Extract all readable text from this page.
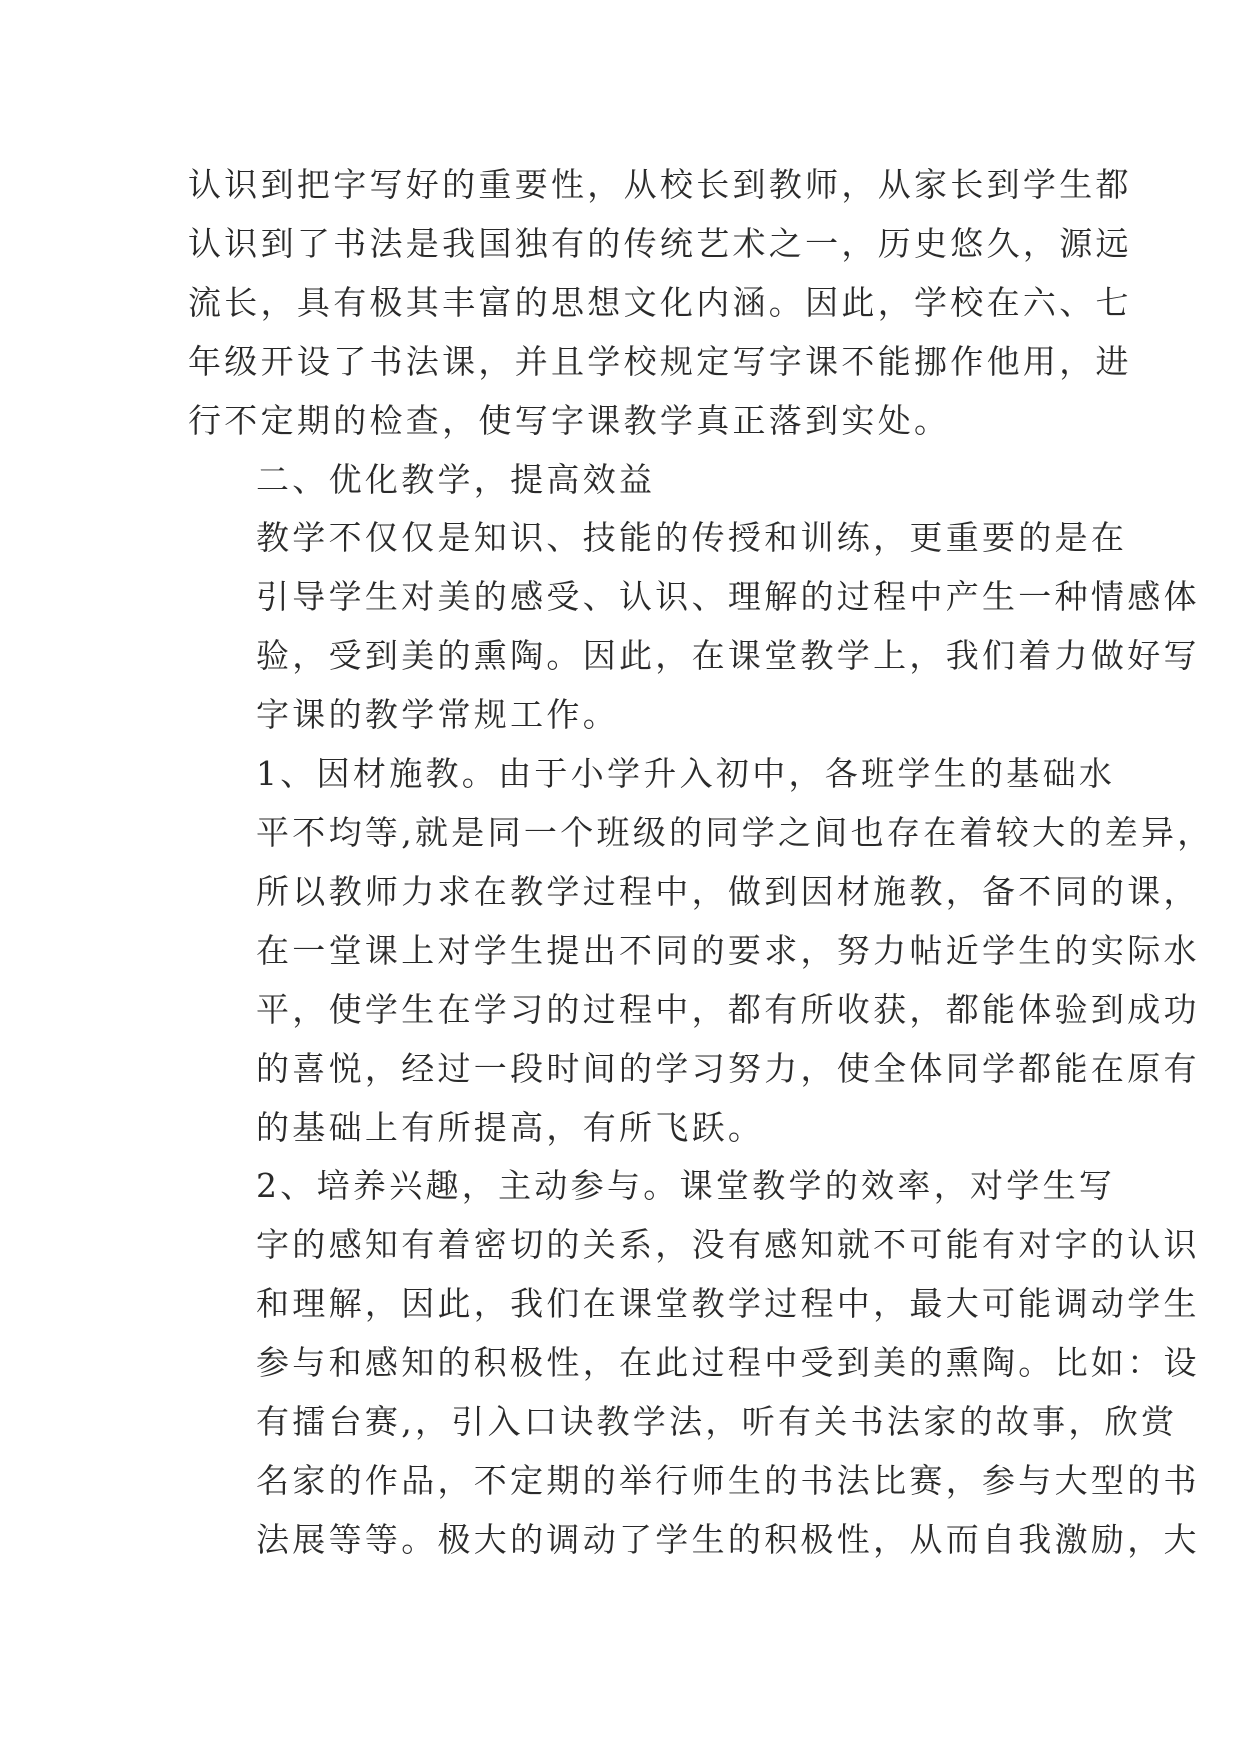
认识到把字写好的重要性，从校长到教师，从家长到学生都
认识到了书法是我国独有的传统艺术之一，历史悠久，源远
流长，具有极其丰富的思想文化内涵。因此，学校在六、七
年级开设了书法课，并且学校规定写字课不能挪作他用，进
行不定期的检查，使写字课教学真正落到实处。

二、优化教学，提高效益

教学不仅仅是知识、技能的传授和训练，更重要的是在
引导学生对美的感受、认识、理解的过程中产生一种情感体
验，受到美的熏陶。因此，在课堂教学上，我们着力做好写
字课的教学常规工作。

1、因材施教。由于小学升入初中，各班学生的基础水
平不均等,就是同一个班级的同学之间也存在着较大的差异，
所以教师力求在教学过程中，做到因材施教，备不同的课，
在一堂课上对学生提出不同的要求，努力帖近学生的实际水
平，使学生在学习的过程中，都有所收获，都能体验到成功
的喜悦，经过一段时间的学习努力，使全体同学都能在原有
的基础上有所提高，有所飞跃。

2、培养兴趣，主动参与。课堂教学的效率，对学生写
字的感知有着密切的关系，没有感知就不可能有对字的认识
和理解，因此，我们在课堂教学过程中，最大可能调动学生
参与和感知的积极性，在此过程中受到美的熏陶。比如：设
有擂台赛,，引入口诀教学法，听有关书法家的故事，欣赏
名家的作品，不定期的举行师生的书法比赛，参与大型的书
法展等等。极大的调动了学生的积极性，从而自我激励，大
